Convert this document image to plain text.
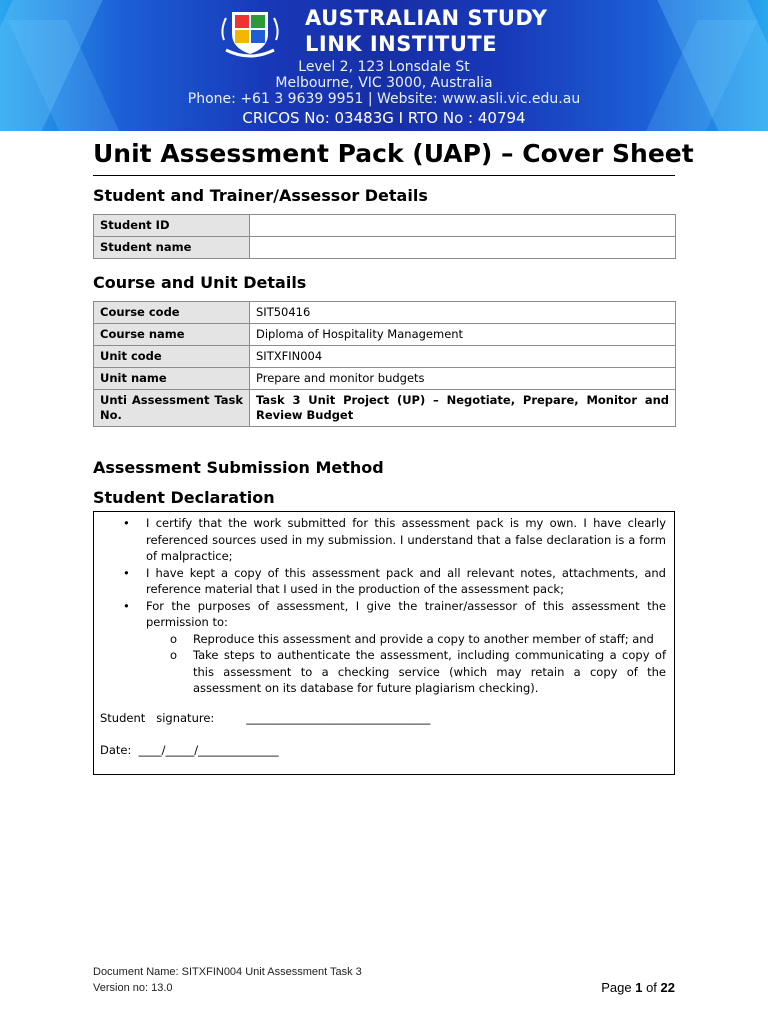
AUSTRALIAN STUDY
LINK INSTITUTE
Level 2, 123 Lonsdale St
Melbourne, VIC 3000, Australia
Phone: +61 3 9639 9951 | Website: www.asli.vic.edu.au
CRICOS No: 03483G I RTO No : 40794
Unit Assessment Pack (UAP) – Cover Sheet
Student and Trainer/Assessor Details
Student ID	
Student name	
Course and Unit Details
Course code	SIT50416
Course name	Diploma of Hospitality Management
Unit code	SITXFIN004
Unit name	Prepare and monitor budgets
Unti Assessment Task No.	Task 3 Unit Project (UP) – Negotiate, Prepare, Monitor and Review Budget
Assessment Submission Method
Student Declaration
• I certify that the work submitted for this assessment pack is my own. I have clearly referenced sources used in my submission. I understand that a false declaration is a form of malpractice;
• I have kept a copy of this assessment pack and all relevant notes, attachments, and reference material that I used in the production of the assessment pack;
• For the purposes of assessment, I give the trainer/assessor of this assessment the permission to:
o Reproduce this assessment and provide a copy to another member of staff; and
o Take steps to authenticate the assessment, including communicating a copy of this assessment to a checking service (which may retain a copy of the assessment on its database for future plagiarism checking).
Student   signature:	________________________________
Date:  ____/_____/______________
Document Name: SITXFIN004 Unit Assessment Task 3
Version no: 13.0	Page 1 of 22
